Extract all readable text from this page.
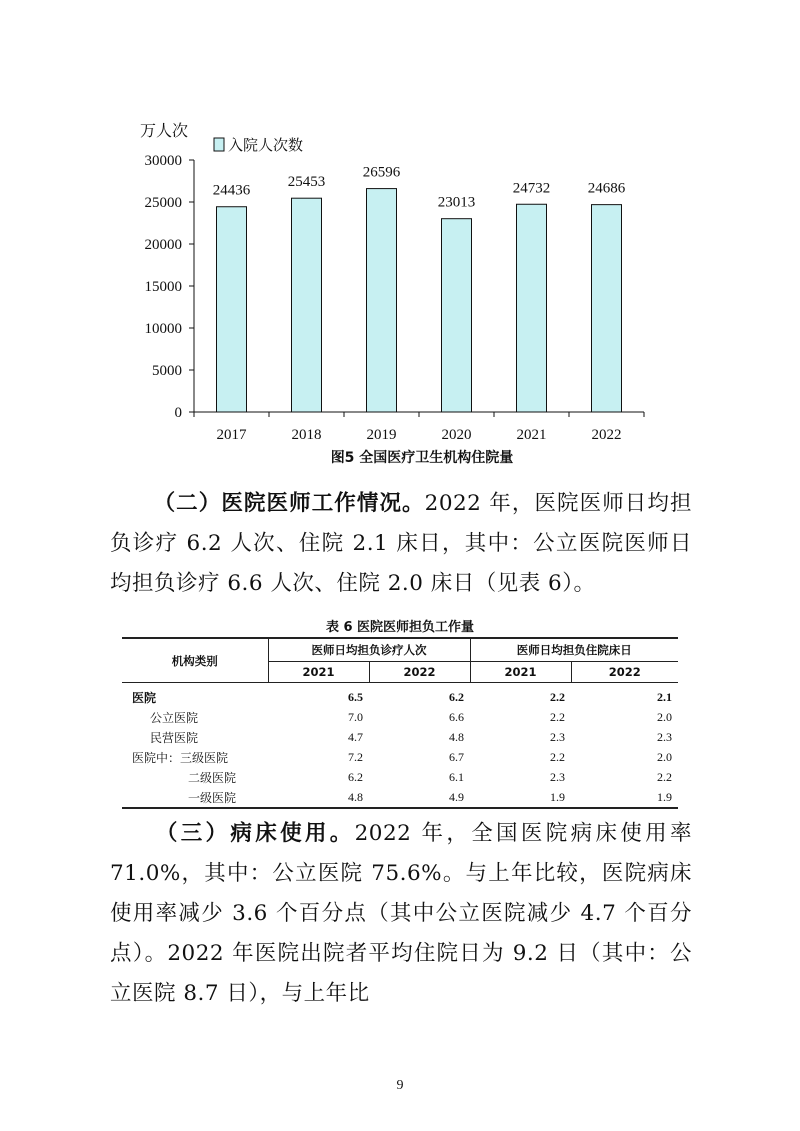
万人次
入院人次数
0
5000
10000
15000
20000
25000
30000
2017	2018	2019	2020	2021	2022
24436
25453
26596
23013
24732	24686
图5 全国医疗卫生机构住院量

（二）医院医师工作情况。2022 年，医院医师日均担负诊疗 6.2 人次、住院 2.1 床日，其中：公立医院医师日均担负诊疗 6.6 人次、住院 2.0 床日（见表 6）。

表 6 医院医师担负工作量
机构类别	医师日均担负诊疗人次		医师日均担负住院床日	
	2021	2022	2021	2022
医院	6.5	6.2	2.2	2.1
公立医院	7.0	6.6	2.2	2.0
民营医院	4.7	4.8	2.3	2.3
医院中：三级医院	7.2	6.7	2.2	2.0
二级医院	6.2	6.1	2.3	2.2
一级医院	4.8	4.9	1.9	1.9

（三）病床使用。2022 年，全国医院病床使用率 71.0%，其中：公立医院 75.6%。与上年比较，医院病床使用率减少 3.6 个百分点（其中公立医院减少 4.7 个百分点）。2022 年医院出院者平均住院日为 9.2 日（其中：公立医院 8.7 日），与上年比

9
